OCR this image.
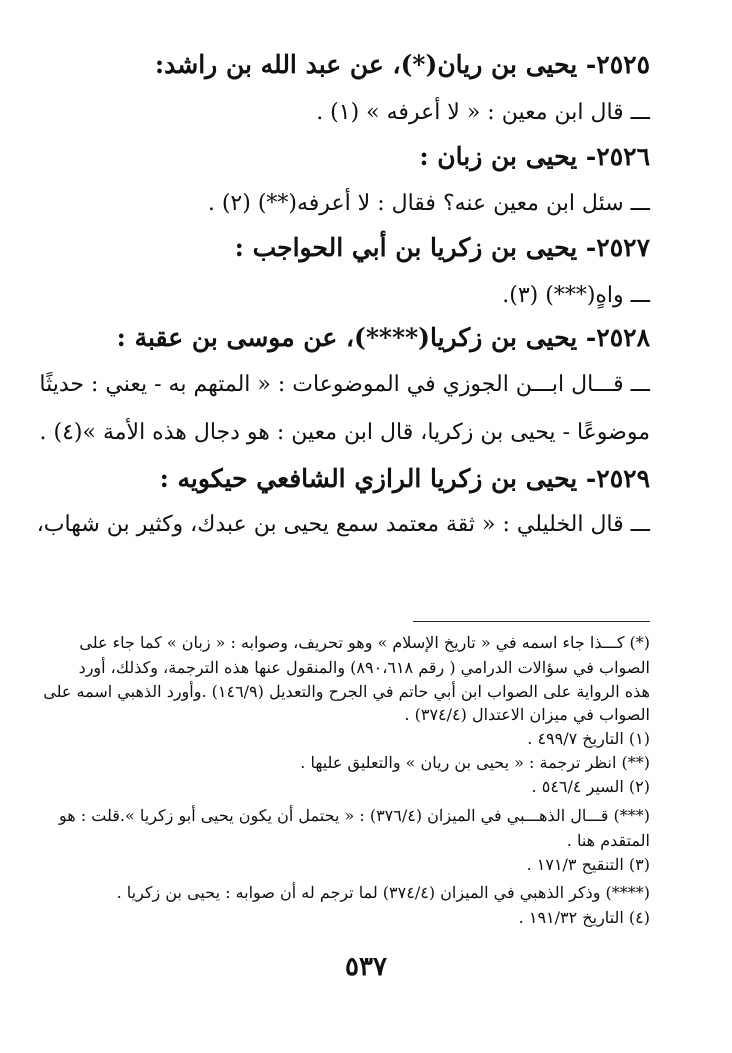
٢٥٢٥- يحيى بن ريان(*)، عن عبد الله بن راشد:
ـــ قال ابن معين : « لا أعرفه » (١) .
٢٥٢٦- يحيى بن زبان :
ـــ سئل ابن معين عنه؟ فقال : لا أعرفه(**) (٢) .
٢٥٢٧- يحيى بن زكريا بن أبي الحواجب :
ـــ واهٍ(***) (٣).
٢٥٢٨- يحيى بن زكريا(****)، عن موسى بن عقبة :
ـــ قـــال ابـــن الجوزي في الموضوعات : « المتهم به - يعني : حديثًا
موضوعًا - يحيى بن زكريا، قال ابن معين : هو دجال هذه الأمة »(٤) .
٢٥٢٩- يحيى بن زكريا الرازي الشافعي حيكويه :
ـــ قال الخليلي : « ثقة معتمد سمع يحيى بن عبدك، وكثير بن شهاب،
(*) كـــذا جاء اسمه في « تاريخ الإسلام » وهو تحريف، وصوابه : « زبان » كما جاء على
الصواب في سؤالات الدرامي ( رقم ٨٩٠،٦١٨) والمنقول عنها هذه الترجمة، وكذلك، أورد
هذه الرواية على الصواب ابن أبي حاتم في الجرح والتعديل (١٤٦/٩) .وأورد الذهبي اسمه على
الصواب في ميزان الاعتدال (٣٧٤/٤) .
(١) التاريخ ٤٩٩/٧ .
(**) انظر ترجمة : « يحيى بن ريان » والتعليق عليها .
(٢) السير ٥٤٦/٤ .
(***) قـــال الذهـــبي في الميزان (٣٧٦/٤) : « يحتمل أن يكون يحيى أبو زكريا ».قلت : هو
المتقدم هنا .
(٣) التنقيح ١٧١/٣ .
(****) وذكر الذهبي في الميزان (٣٧٤/٤) لما ترجم له أن صوابه : يحيى بن زكريا .
(٤) التاريخ ١٩١/٣٢ .
٥٣٧
